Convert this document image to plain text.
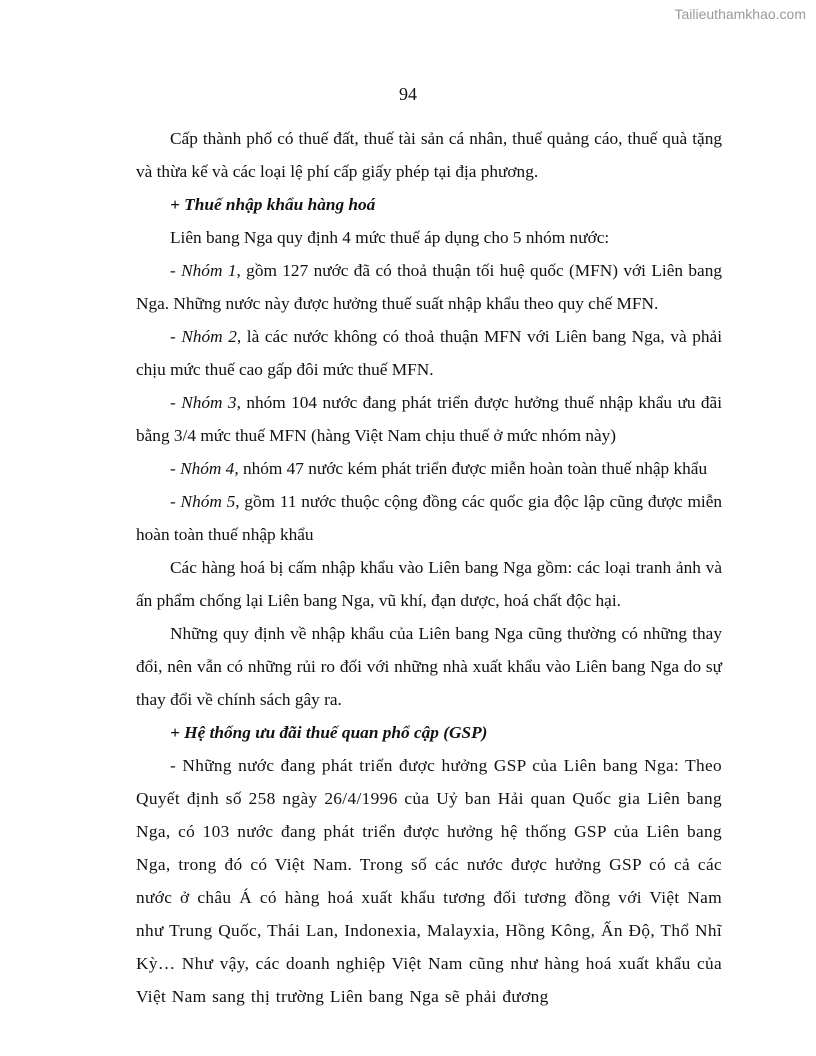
Tailieuthamkhao.com
94

Cấp thành phố có thuế đất, thuế tài sản cá nhân, thuế quảng cáo, thuế quà tặng và thừa kế và các loại lệ phí cấp giấy phép tại địa phương.

+ Thuế nhập khẩu hàng hoá

Liên bang Nga quy định 4 mức thuế áp dụng cho 5 nhóm nước:

- Nhóm 1, gồm 127 nước đã có thoả thuận tối huệ quốc (MFN) với Liên bang Nga. Những nước này được hưởng thuế suất nhập khẩu theo quy chế MFN.

- Nhóm 2, là các nước không có thoả thuận MFN với Liên bang Nga, và phải chịu mức thuế cao gấp đôi mức thuế MFN.

- Nhóm 3, nhóm 104 nước đang phát triển được hưởng thuế nhập khẩu ưu đãi bằng 3/4 mức thuế MFN (hàng Việt Nam chịu thuế ở mức nhóm này)

- Nhóm 4, nhóm 47 nước kém phát triển được miễn hoàn toàn thuế nhập khẩu

- Nhóm 5, gồm 11 nước thuộc cộng đồng các quốc gia độc lập cũng được miễn hoàn toàn thuế nhập khẩu

Các hàng hoá bị cấm nhập khẩu vào Liên bang Nga gồm: các loại tranh ảnh và ấn phẩm chống lại Liên bang Nga, vũ khí, đạn dược, hoá chất độc hại.

Những quy định về nhập khẩu của Liên bang Nga cũng thường có những thay đổi, nên vẫn có những rủi ro đối với những nhà xuất khẩu vào Liên bang Nga do sự thay đổi về chính sách gây ra.

+ Hệ thống ưu đãi thuế quan phổ cập (GSP)

- Những nước đang phát triển được hưởng GSP của Liên bang Nga: Theo Quyết định số 258 ngày 26/4/1996 của Uỷ ban Hải quan Quốc gia Liên bang Nga, có 103 nước đang phát triển được hưởng hệ thống GSP của Liên bang Nga, trong đó có Việt Nam. Trong số các nước được hưởng GSP có cả các nước ở châu Á có hàng hoá xuất khẩu tương đối tương đồng với Việt Nam như Trung Quốc, Thái Lan, Indonexia, Malayxia, Hồng Kông, Ấn Độ, Thổ Nhĩ Kỳ… Như vậy, các doanh nghiệp Việt Nam cũng như hàng hoá xuất khẩu của Việt Nam sang thị trường Liên bang Nga sẽ phải đương
